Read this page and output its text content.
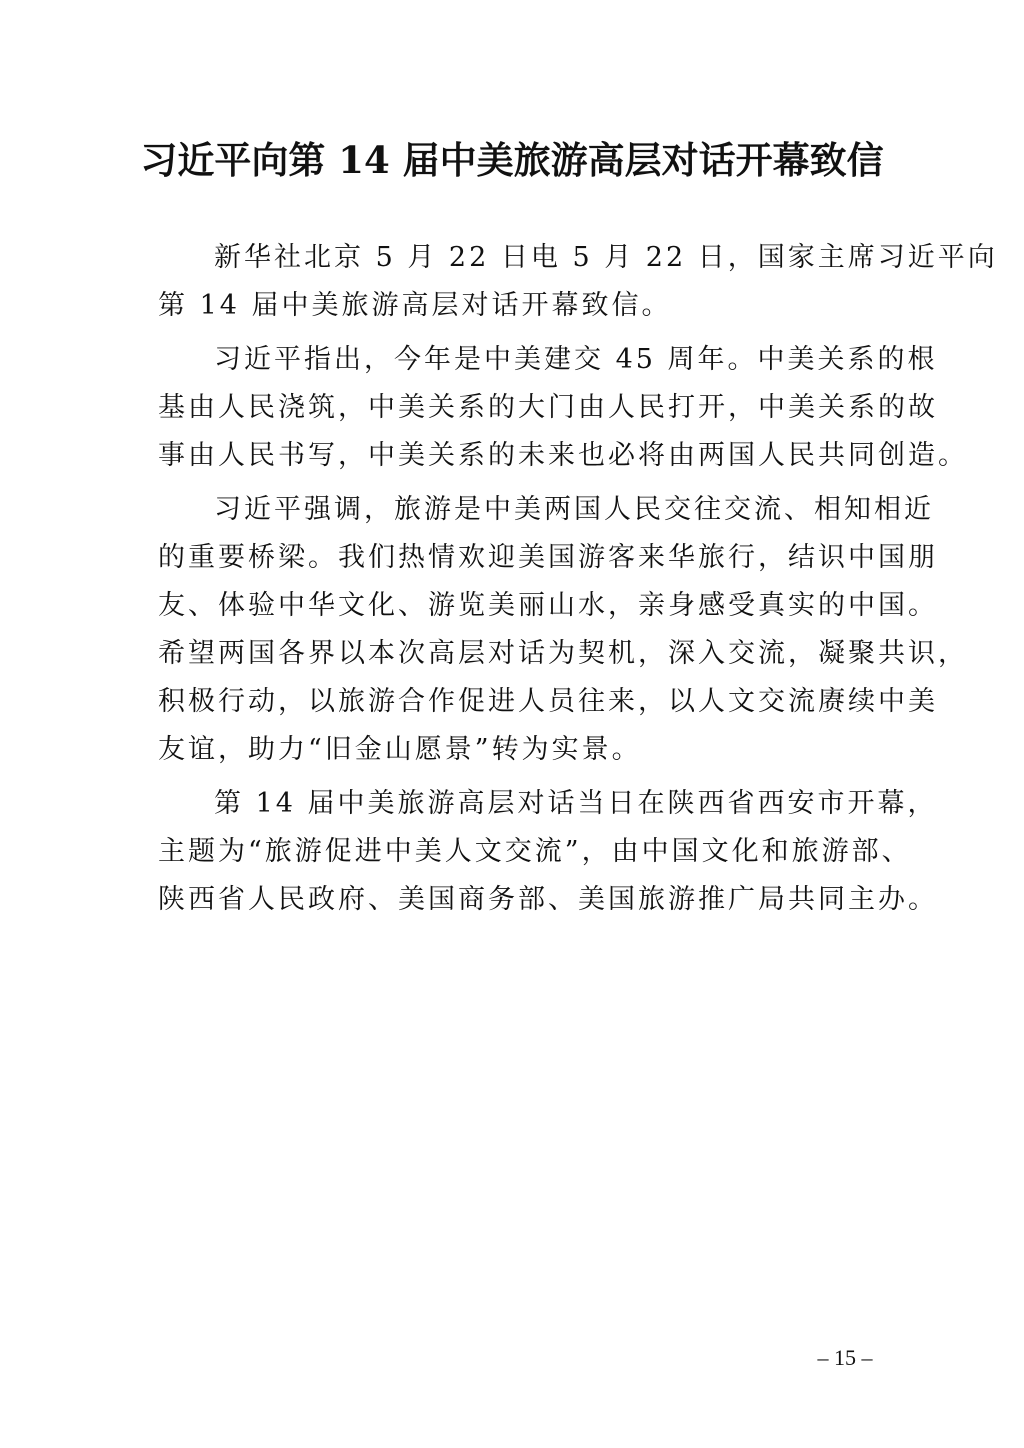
习近平向第 14 届中美旅游高层对话开幕致信
新华社北京 5 月 22 日电 5 月 22 日，国家主席习近平向
第 14 届中美旅游高层对话开幕致信。
习近平指出，今年是中美建交 45 周年。中美关系的根
基由人民浇筑，中美关系的大门由人民打开，中美关系的故
事由人民书写，中美关系的未来也必将由两国人民共同创造。
习近平强调，旅游是中美两国人民交往交流、相知相近
的重要桥梁。我们热情欢迎美国游客来华旅行，结识中国朋
友、体验中华文化、游览美丽山水，亲身感受真实的中国。
希望两国各界以本次高层对话为契机，深入交流，凝聚共识，
积极行动，以旅游合作促进人员往来，以人文交流赓续中美
友谊，助力“旧金山愿景”转为实景。
第 14 届中美旅游高层对话当日在陕西省西安市开幕，
主题为“旅游促进中美人文交流”，由中国文化和旅游部、
陕西省人民政府、美国商务部、美国旅游推广局共同主办。
– 15 –
